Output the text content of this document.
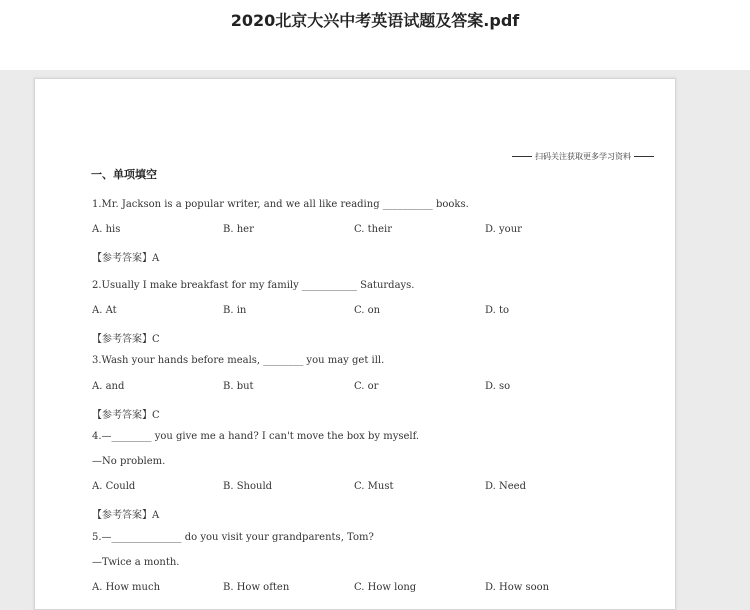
2020北京大兴中考英语试题及答案.pdf
扫码关注获取更多学习资料
一、单项填空
1.Mr. Jackson is a popular writer, and we all like reading __________ books.
A. his	B. her	C. their	D. your
【参考答案】A
2.Usually I make breakfast for my family ___________ Saturdays.
A. At	B. in	C. on	D. to
【参考答案】C
3.Wash your hands before meals, ________ you may get ill.
A. and	B. but	C. or	D. so
【参考答案】C
4.—________ you give me a hand? I can't move the box by myself.
—No problem.
A. Could	B. Should	C. Must	D. Need
【参考答案】A
5.—______________ do you visit your grandparents, Tom?
—Twice a month.
A. How much	B. How often	C. How long	D. How soon
